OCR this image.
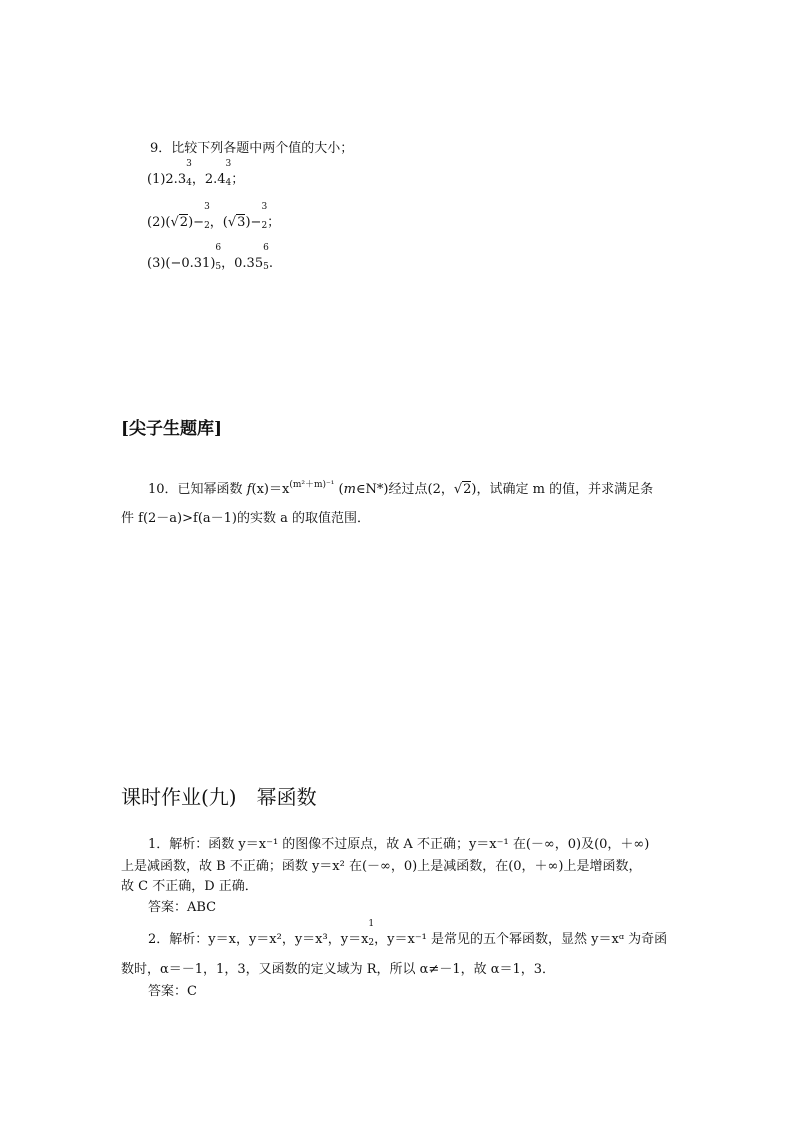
9．比较下列各题中两个值的大小；
(1)2.3
3
4，2.4
3
4；
(2)(√2)−
3
2，(√3)−
3
2；
(3)(−0.31)
6
5，0.35
6
5.
[尖子生题库]
10．已知幂函数 $f(x)=x^{(m^2+m)^{-1}}$ (m∈N*)经过点(2，√2)，试确定 m 的值，并求满足条
件 f(2－a)>f(a－1)的实数 a 的取值范围．
课时作业(九)　幂函数
1．解析：函数 y＝x⁻¹ 的图像不过原点，故 A 不正确；y＝x⁻¹ 在(－∞，0)及(0，＋∞)
上是减函数，故 B 不正确；函数 y＝x² 在(－∞，0)上是减函数，在(0，＋∞)上是增函数，
故 C 不正确，D 正确．
答案：ABC
2．解析：y＝x，y＝x²，y＝x³，y＝x
1
2，y＝x⁻¹ 是常见的五个幂函数，显然 y＝xᵅ 为奇函
数时，α＝－1，1，3，又函数的定义域为 R，所以 α≠－1，故 α＝1，3．
答案：C
